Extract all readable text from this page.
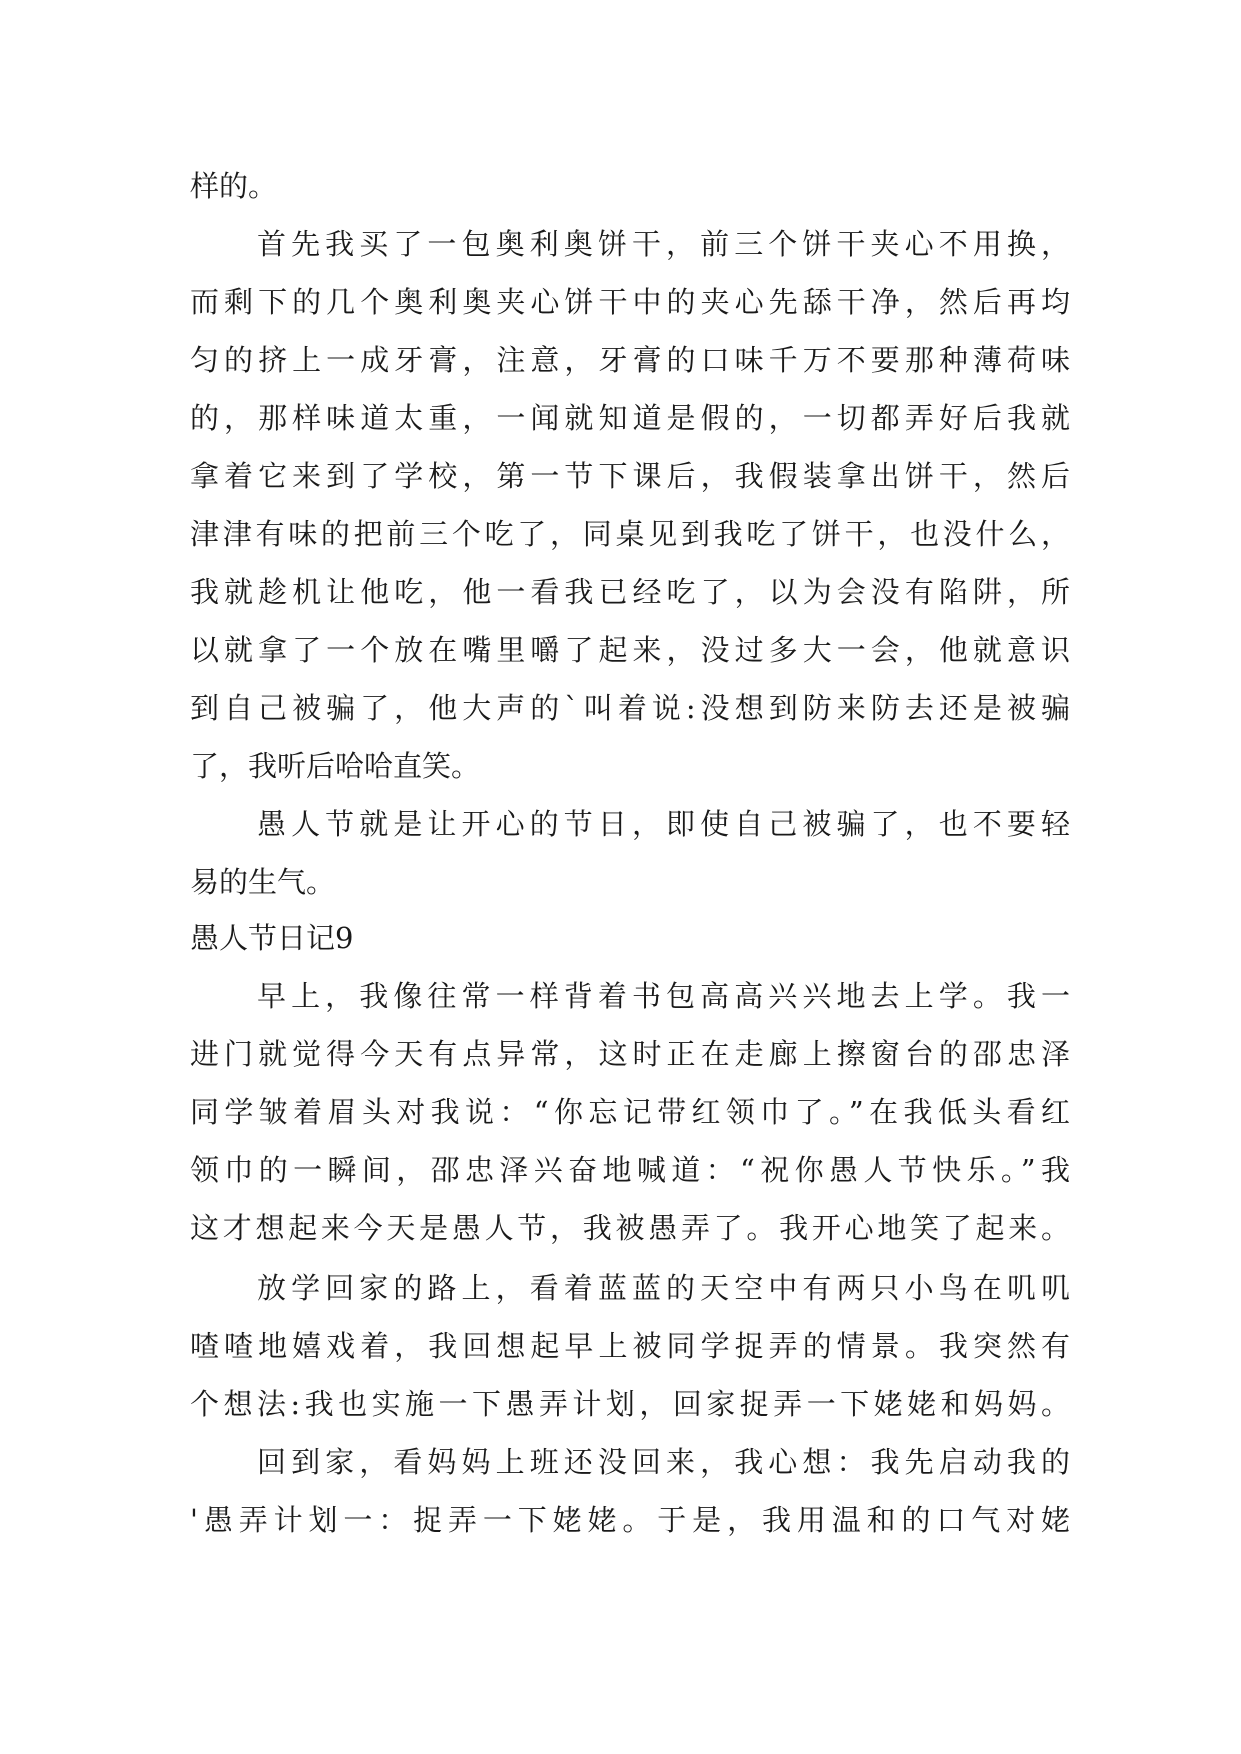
样的。
首先我买了一包奥利奥饼干，前三个饼干夹心不用换，
而剩下的几个奥利奥夹心饼干中的夹心先舔干净，然后再均
匀的挤上一成牙膏，注意，牙膏的口味千万不要那种薄荷味
的，那样味道太重，一闻就知道是假的，一切都弄好后我就
拿着它来到了学校，第一节下课后，我假装拿出饼干，然后
津津有味的把前三个吃了，同桌见到我吃了饼干，也没什么，
我就趁机让他吃，他一看我已经吃了，以为会没有陷阱，所
以就拿了一个放在嘴里嚼了起来，没过多大一会，他就意识
到自己被骗了，他大声的`叫着说:没想到防来防去还是被骗
了，我听后哈哈直笑。
愚人节就是让开心的节日，即使自己被骗了，也不要轻
易的生气。
愚人节日记9
早上，我像往常一样背着书包高高兴兴地去上学。我一
进门就觉得今天有点异常，这时正在走廊上擦窗台的邵忠泽
同学皱着眉头对我说：“你忘记带红领巾了。”在我低头看红
领巾的一瞬间，邵忠泽兴奋地喊道：“祝你愚人节快乐。”我
这才想起来今天是愚人节，我被愚弄了。我开心地笑了起来。
放学回家的路上，看着蓝蓝的天空中有两只小鸟在叽叽
喳喳地嬉戏着，我回想起早上被同学捉弄的情景。我突然有
个想法:我也实施一下愚弄计划，回家捉弄一下姥姥和妈妈。
回到家，看妈妈上班还没回来，我心想：我先启动我的
'愚弄计划一：捉弄一下姥姥。于是，我用温和的口气对姥
